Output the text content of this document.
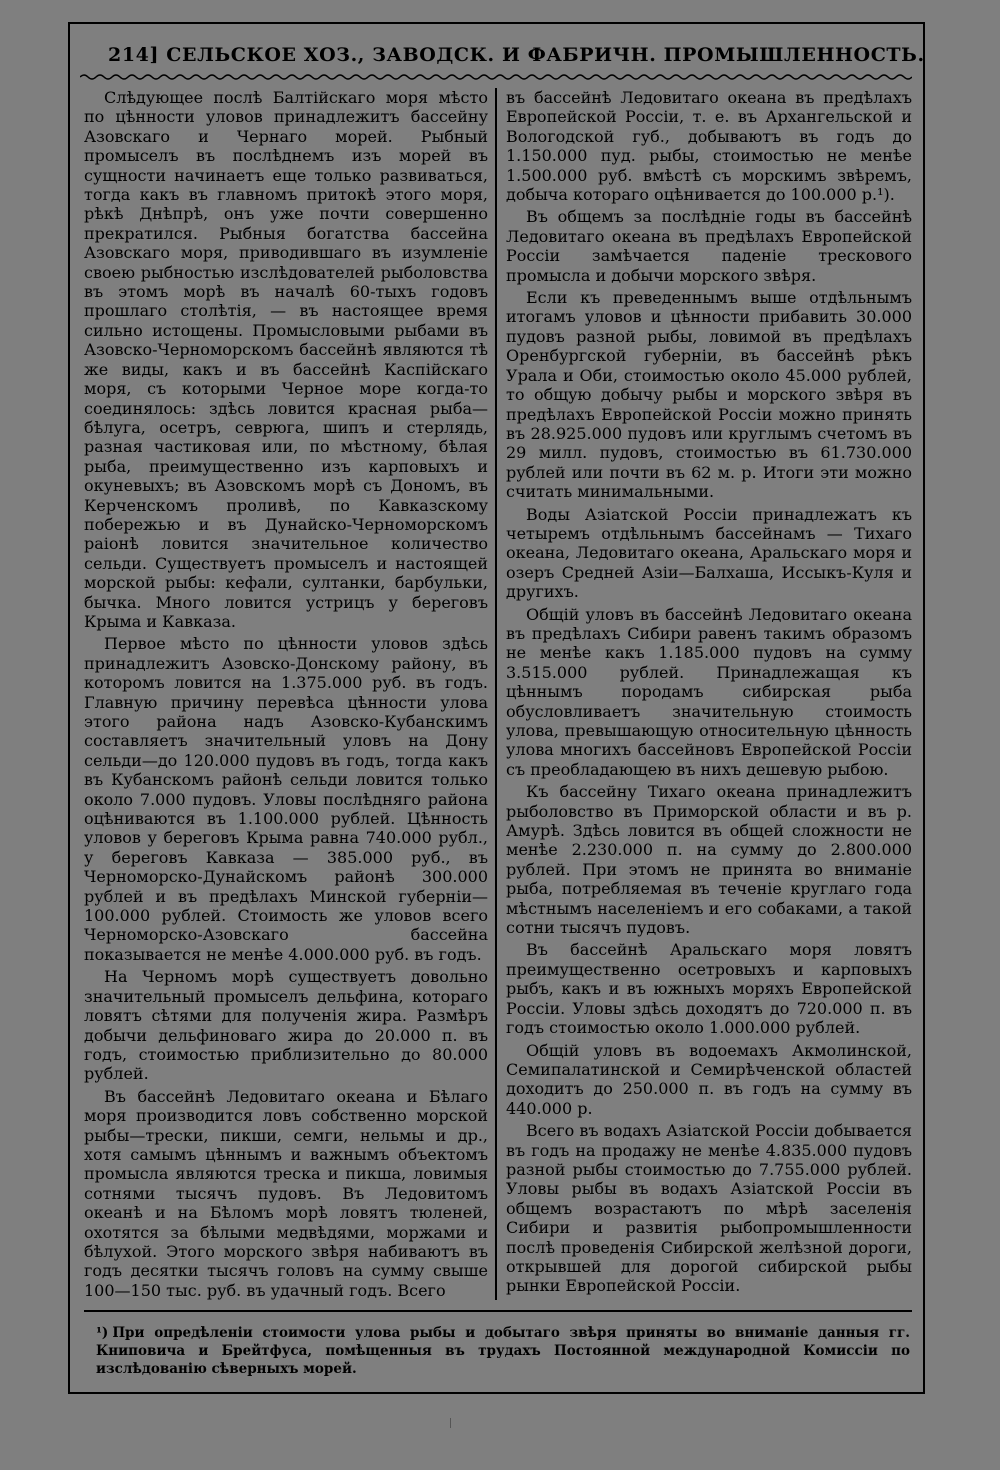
214] СЕЛЬСКОЕ ХОЗ., ЗАВОДСК. И ФАБРИЧН. ПРОМЫШЛЕННОСТЬ.

Слѣдующее послѣ Балтійскаго моря мѣсто по цѣнности уловов принадлежитъ бассейну Азовскаго и Чернаго морей. Рыбный промыселъ въ послѣднемъ изъ морей въ сущности начинаетъ еще только развиваться, тогда какъ въ главномъ притокѣ этого моря, рѣкѣ Днѣпрѣ, онъ уже почти совершенно прекратился. Рыбныя богатства бассейна Азовскаго моря, приводившаго въ изумленіе своею рыбностью изслѣдователей рыболовства въ этомъ морѣ въ началѣ 60-тыхъ годовъ прошлаго столѣтія, — въ настоящее время сильно истощены. Промысловыми рыбами въ Азовско-Черноморскомъ бассейнѣ являются тѣ же виды, какъ и въ бассейнѣ Каспійскаго моря, съ которыми Черное море когда-то соединялось: здѣсь ловится красная рыба—бѣлуга, осетръ, севрюга, шипъ и стерлядь, разная частиковая или, по мѣстному, бѣлая рыба, преимущественно изъ карповыхъ и окуневыхъ; въ Азовскомъ морѣ съ Дономъ, въ Керченскомъ проливѣ, по Кавказскому побережью и въ Дунайско-Черноморскомъ раіонѣ ловится значительное количество сельди. Существуетъ промыселъ и настоящей морской рыбы: кефали, султанки, барбульки, бычка. Много ловится устрицъ у береговъ Крыма и Кавказа.

Первое мѣсто по цѣнности уловов здѣсь принадлежитъ Азовско-Донскому району, въ которомъ ловится на 1.375.000 руб. въ годъ. Главную причину перевѣса цѣнности улова этого района надъ Азовско-Кубанскимъ составляетъ значительный уловъ на Дону сельди—до 120.000 пудовъ въ годъ, тогда какъ въ Кубанскомъ районѣ сельди ловится только около 7.000 пудовъ. Уловы послѣдняго района оцѣниваются въ 1.100.000 рублей. Цѣнность уловов у береговъ Крыма равна 740.000 рубл., у береговъ Кавказа — 385.000 руб., въ Черноморско-Дунайскомъ районѣ 300.000 рублей и въ предѣлахъ Минской губерніи—100.000 рублей. Стоимость же уловов всего Черноморско-Азовскаго бассейна показывается не менѣе 4.000.000 руб. въ годъ.

На Черномъ морѣ существуетъ довольно значительный промыселъ дельфина, котораго ловятъ сѣтями для полученія жира. Размѣръ добычи дельфиноваго жира до 20.000 п. въ годъ, стоимостью приблизительно до 80.000 рублей.

Въ бассейнѣ Ледовитаго океана и Бѣлаго моря производится ловъ собственно морской рыбы—трески, пикши, семги, нельмы и др., хотя самымъ цѣннымъ и важнымъ объектомъ промысла являются треска и пикша, ловимыя сотнями тысячъ пудовъ. Въ Ледовитомъ океанѣ и на Бѣломъ морѣ ловятъ тюленей, охотятся за бѣлыми медвѣдями, моржами и бѣлухой. Этого морского звѣря набиваютъ въ годъ десятки тысячъ головъ на сумму свыше 100—150 тыс. руб. въ удачный годъ. Всего

въ бассейнѣ Ледовитаго океана въ предѣлахъ Европейской Россіи, т. е. въ Архангельской и Вологодской губ., добываютъ въ годъ до 1.150.000 пуд. рыбы, стоимостью не менѣе 1.500.000 руб. вмѣстѣ съ морскимъ звѣремъ, добыча котораго оцѣнивается до 100.000 р.¹).

Въ общемъ за послѣдніе годы въ бассейнѣ Ледовитаго океана въ предѣлахъ Европейской Россіи замѣчается паденіе трескового промысла и добычи морского звѣря.

Если къ преведеннымъ выше отдѣльнымъ итогамъ уловов и цѣнности прибавить 30.000 пудовъ разной рыбы, ловимой въ предѣлахъ Оренбургской губерніи, въ бассейнѣ рѣкъ Урала и Оби, стоимостью около 45.000 рублей, то общую добычу рыбы и морского звѣря въ предѣлахъ Европейской Россіи можно принять въ 28.925.000 пудовъ или круглымъ счетомъ въ 29 милл. пудовъ, стоимостью въ 61.730.000 рублей или почти въ 62 м. р. Итоги эти можно считать минимальными.

Воды Азіатской Россіи принадлежатъ къ четыремъ отдѣльнымъ бассейнамъ — Тихаго океана, Ледовитаго океана, Аральскаго моря и озеръ Средней Азіи—Балхаша, Иссыкъ-Куля и другихъ.

Общій уловъ въ бассейнѣ Ледовитаго океана въ предѣлахъ Сибири равенъ такимъ образомъ не менѣе какъ 1.185.000 пудовъ на сумму 3.515.000 рублей. Принадлежащая къ цѣннымъ породамъ сибирская рыба обусловливаетъ значительную стоимость улова, превышающую относительную цѣнность улова многихъ бассейновъ Европейской Россіи съ преобладающею въ нихъ дешевую рыбою.

Къ бассейну Тихаго океана принадлежитъ рыболовство въ Приморской области и въ р. Амурѣ. Здѣсь ловится въ общей сложности не менѣе 2.230.000 п. на сумму до 2.800.000 рублей. При этомъ не принята во вниманіе рыба, потребляемая въ теченіе круглаго года мѣстнымъ населеніемъ и его собаками, а такой сотни тысячъ пудовъ.

Въ бассейнѣ Аральскаго моря ловятъ преимущественно осетровыхъ и карповыхъ рыбъ, какъ и въ южныхъ моряхъ Европейской Россіи. Уловы здѣсь доходятъ до 720.000 п. въ годъ стоимостью около 1.000.000 рублей.

Общій уловъ въ водоемахъ Акмолинской, Семипалатинской и Семирѣченской областей доходитъ до 250.000 п. въ годъ на сумму въ 440.000 р.

Всего въ водахъ Азіатской Россіи добывается въ годъ на продажу не менѣе 4.835.000 пудовъ разной рыбы стоимостью до 7.755.000 рублей. Уловы рыбы въ водахъ Азіатской Россіи въ общемъ возрастаютъ по мѣрѣ заселенія Сибири и развитія рыбопромышленности послѣ проведенія Сибирской желѣзной дороги, открывшей для дорогой сибирской рыбы рынки Европейской Россіи.

¹) При опредѣленіи стоимости улова рыбы и добытаго звѣря приняты во вниманіе данныя гг. Книповича и Брейтфуса, помѣщенныя въ трудахъ Постоянной международной Комиссіи по изслѣдованію сѣверныхъ морей.
